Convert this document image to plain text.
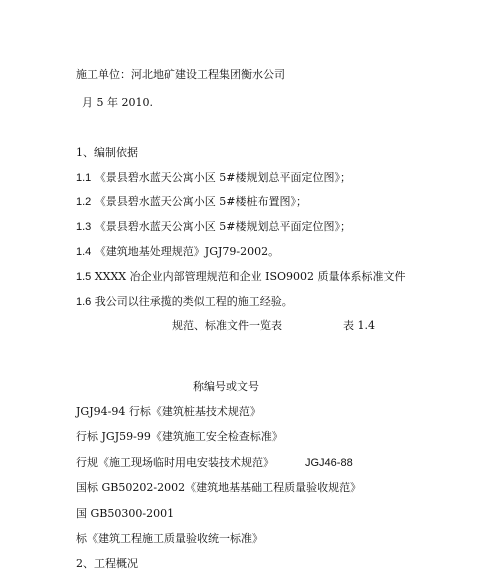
施工单位：河北地矿建设工程集团衡水公司
月 5 年 2010.
1、编制依据
1.1 《景县碧水蓝天公寓小区 5#楼规划总平面定位图》；
1.2 《景县碧水蓝天公寓小区 5#楼桩布置图》；
1.3 《景县碧水蓝天公寓小区 5#楼规划总平面定位图》；
1.4 《建筑地基处理规范》JGJ79-2002。
1.5 XXXX 冶企业内部管理规范和企业 ISO9002 质量体系标准文件
1.6 我公司以往承揽的类似工程的施工经验。
规范、标准文件一览表	表 1.4
称编号或文号
JGJ94-94 行标《建筑桩基技术规范》
行标 JGJ59-99《建筑施工安全检查标准》
行规《施工现场临时用电安装技术规范》	JGJ46-88
国标 GB50202-2002《建筑地基基础工程质量验收规范》
国 GB50300-2001
标《建筑工程施工质量验收统一标准》
2、工程概况
